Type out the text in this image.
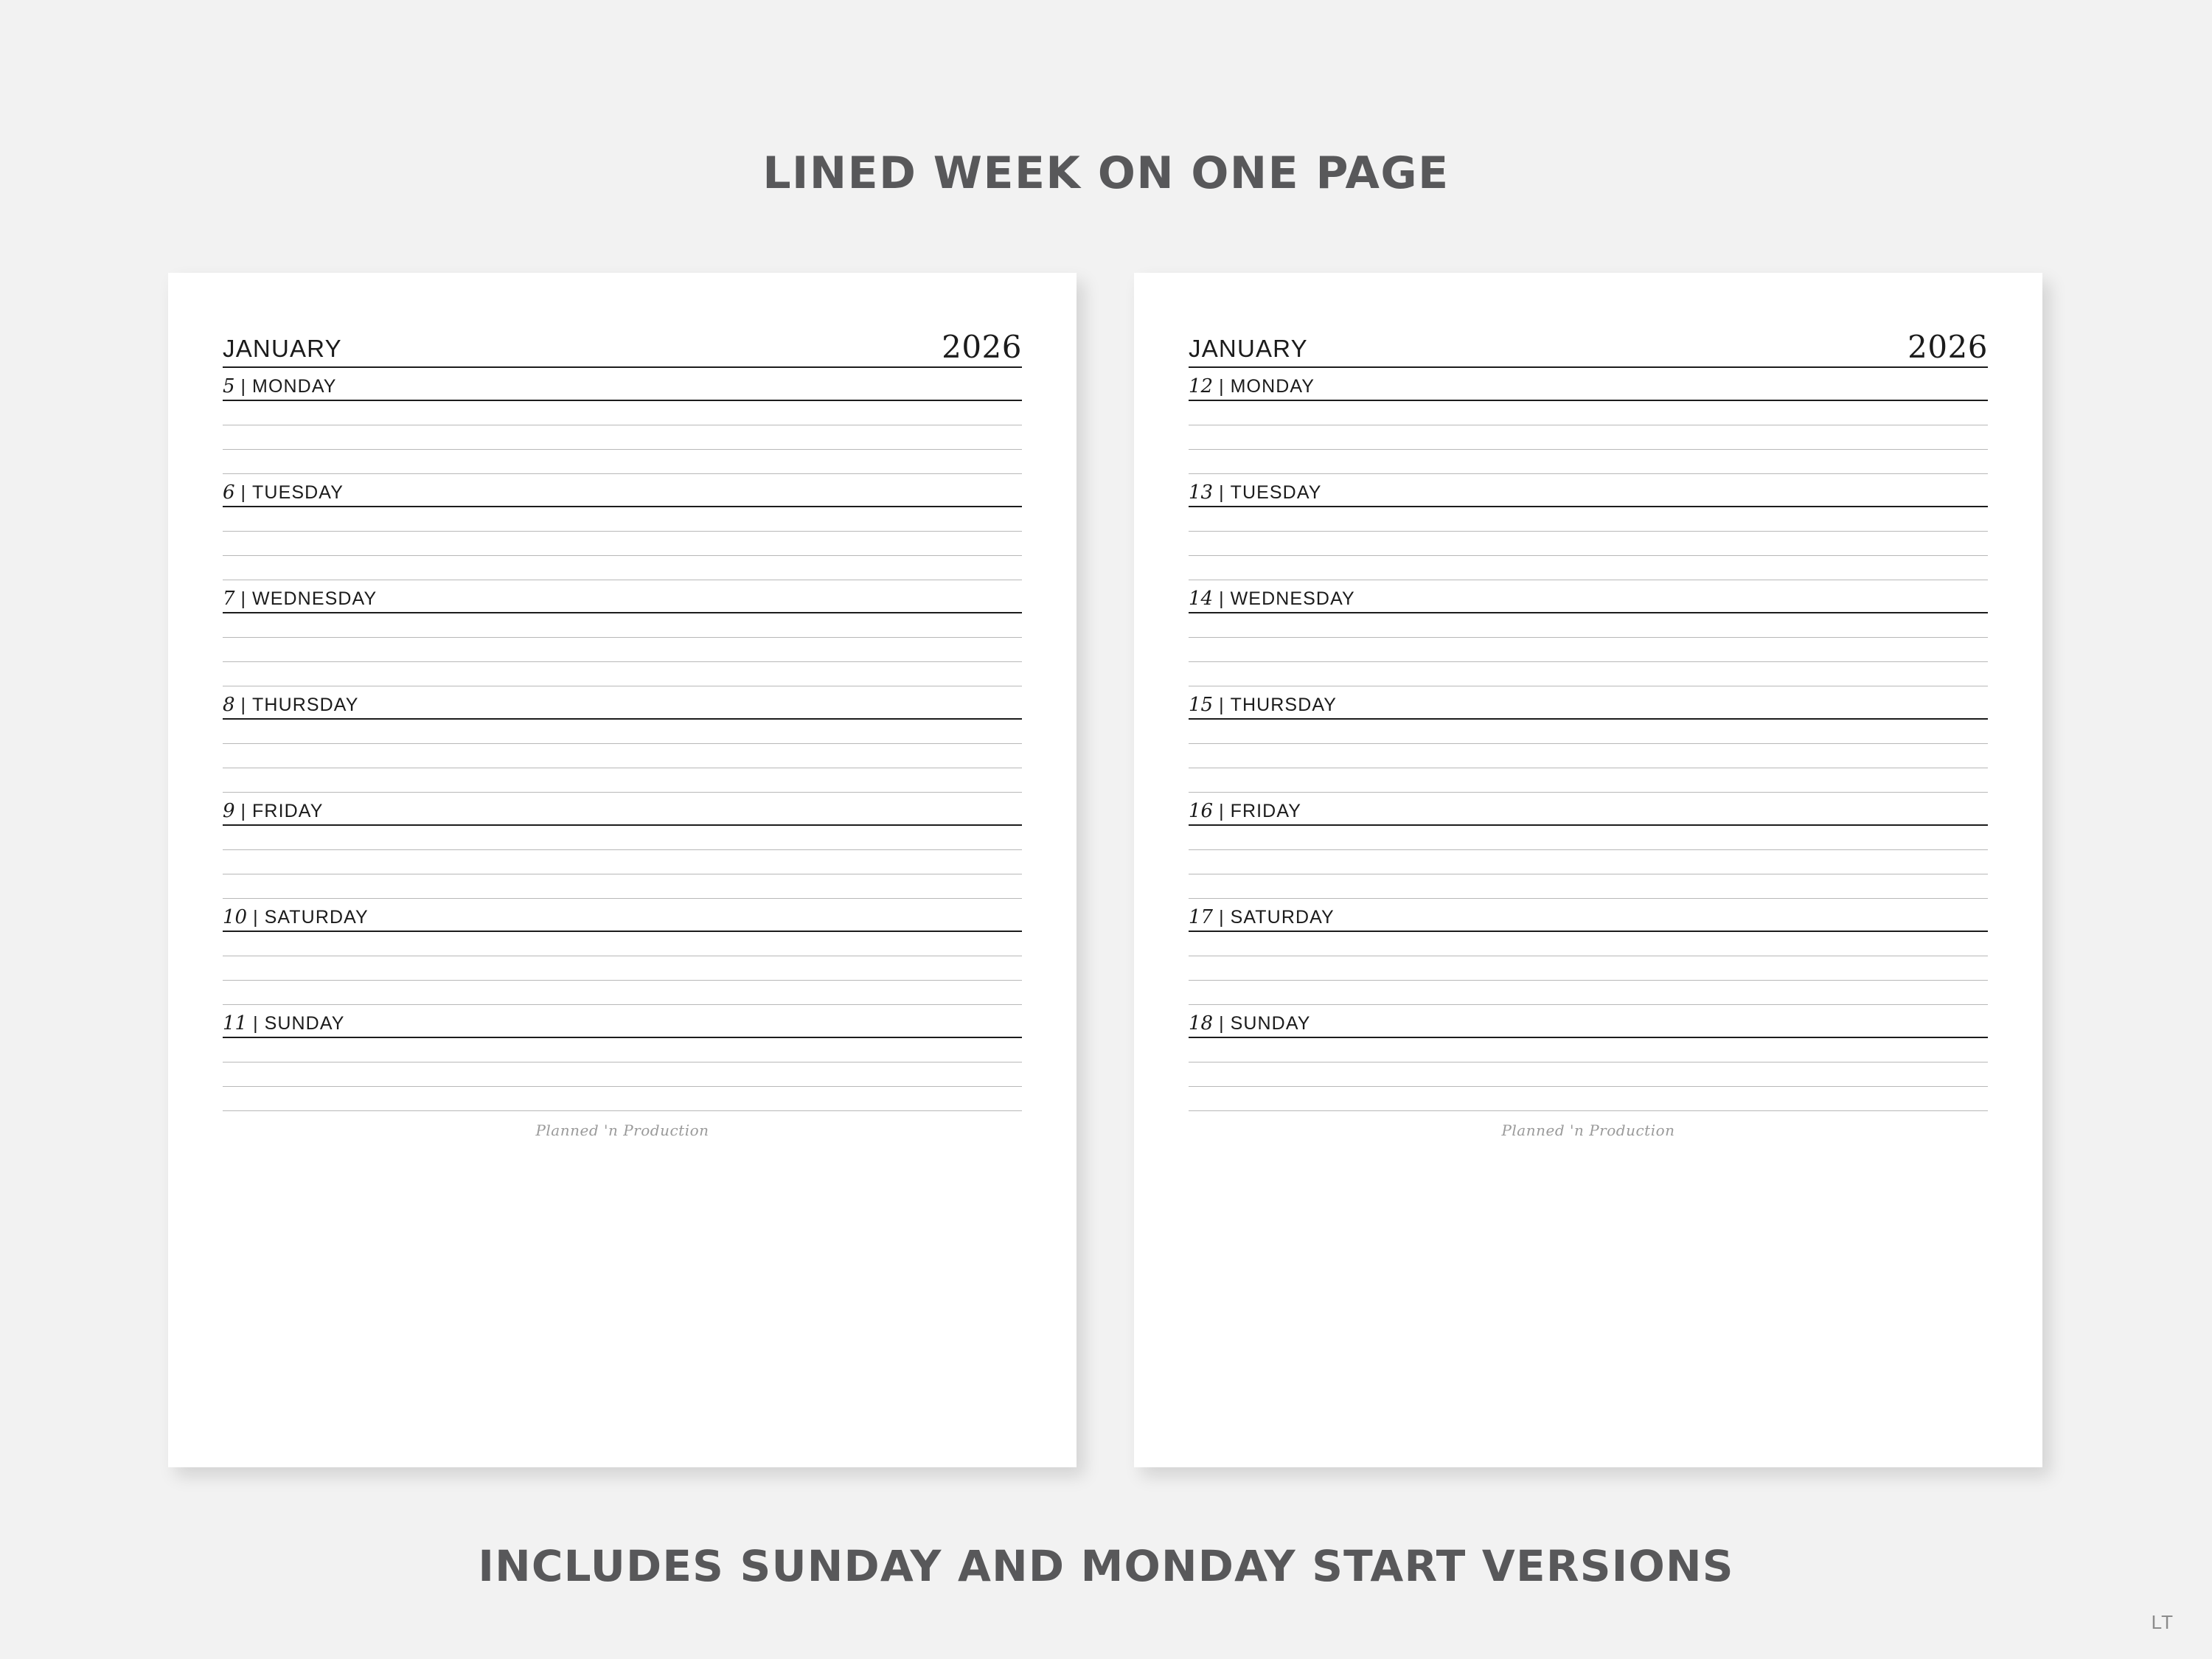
LINED WEEK ON ONE PAGE
JANUARY	2026
5 | MONDAY
6 | TUESDAY
7 | WEDNESDAY
8 | THURSDAY
9 | FRIDAY
10 | SATURDAY
11 | SUNDAY
Planned 'n Production
JANUARY	2026
12 | MONDAY
13 | TUESDAY
14 | WEDNESDAY
15 | THURSDAY
16 | FRIDAY
17 | SATURDAY
18 | SUNDAY
Planned 'n Production
INCLUDES SUNDAY AND MONDAY START VERSIONS
LT
